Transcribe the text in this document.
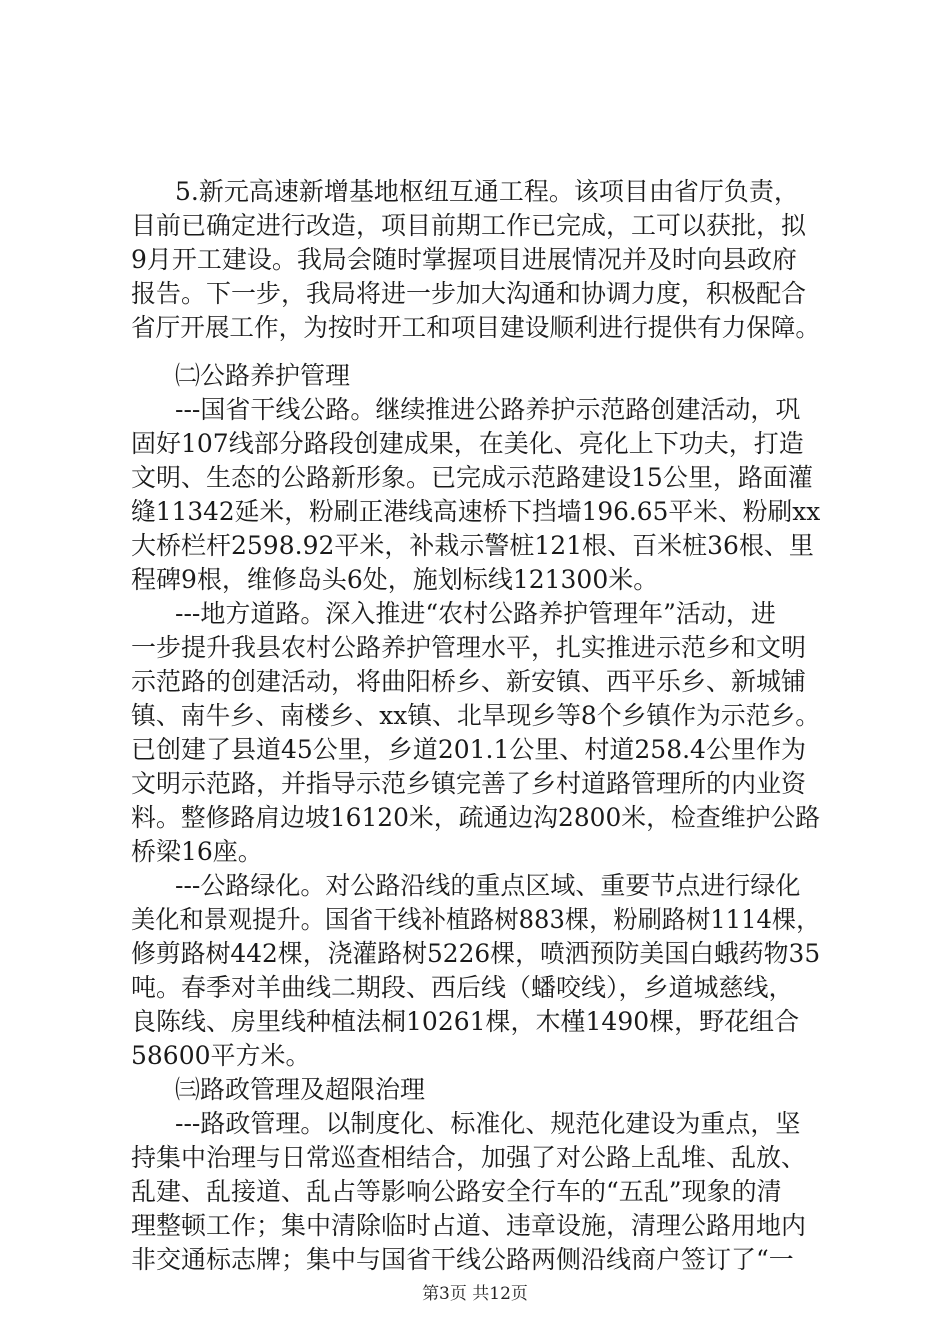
5.新元高速新增基地枢纽互通工程。该项目由省厅负责，
目前已确定进行改造，项目前期工作已完成，工可以获批，拟
9月开工建设。我局会随时掌握项目进展情况并及时向县政府
报告。下一步，我局将进一步加大沟通和协调力度，积极配合
省厅开展工作，为按时开工和项目建设顺利进行提供有力保障。
㈡公路养护管理
---国省干线公路。继续推进公路养护示范路创建活动，巩
固好107线部分路段创建成果，在美化、亮化上下功夫，打造
文明、生态的公路新形象。已完成示范路建设15公里，路面灌
缝11342延米，粉刷正港线高速桥下挡墙196.65平米、粉刷xx
大桥栏杆2598.92平米，补栽示警桩121根、百米桩36根、里
程碑9根，维修岛头6处，施划标线121300米。
---地方道路。深入推进“农村公路养护管理年”活动，进
一步提升我县农村公路养护管理水平，扎实推进示范乡和文明
示范路的创建活动，将曲阳桥乡、新安镇、西平乐乡、新城铺
镇、南牛乡、南楼乡、xx镇、北旱现乡等8个乡镇作为示范乡。
已创建了县道45公里，乡道201.1公里、村道258.4公里作为
文明示范路，并指导示范乡镇完善了乡村道路管理所的内业资
料。整修路肩边坡16120米，疏通边沟2800米，检查维护公路
桥梁16座。
---公路绿化。对公路沿线的重点区域、重要节点进行绿化
美化和景观提升。国省干线补植路树883棵，粉刷路树1114棵，
修剪路树442棵，浇灌路树5226棵，喷洒预防美国白蛾药物35
吨。春季对羊曲线二期段、西后线（蟠咬线），乡道城慈线，
良陈线、房里线种植法桐10261棵，木槿1490棵，野花组合
58600平方米。
㈢路政管理及超限治理
---路政管理。以制度化、标准化、规范化建设为重点，坚
持集中治理与日常巡查相结合，加强了对公路上乱堆、乱放、
乱建、乱接道、乱占等影响公路安全行车的“五乱”现象的清
理整顿工作；集中清除临时占道、违章设施，清理公路用地内
非交通标志牌；集中与国省干线公路两侧沿线商户签订了“一
第3页 共12页
